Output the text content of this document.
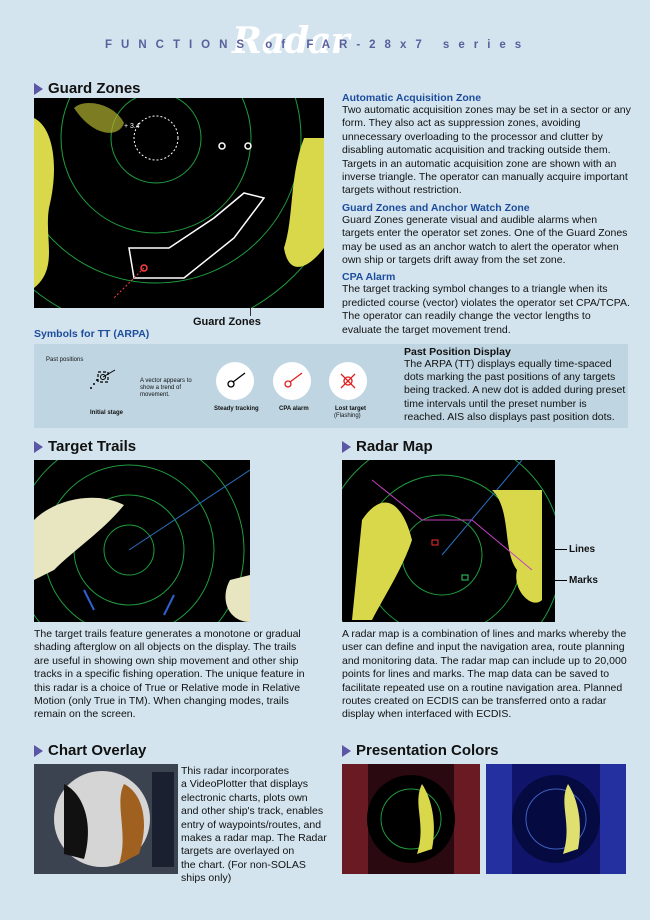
Radar
FUNCTIONS of FAR-28x7 series
Guard Zones
+ 3.4
Guard Zones
Automatic Acquisition Zone
Two automatic acquisition zones may be set in a sector or any form. They also act as suppression zones, avoiding unnecessary overloading to the processor and clutter by disabling automatic acquisition and tracking outside them. Targets in an automatic acquisition zone are shown with an inverse triangle. The operator can manually acquire important targets without restriction.
Guard Zones and Anchor Watch Zone
Guard Zones generate visual and audible alarms when targets enter the operator set zones. One of the Guard Zones may be used as an anchor watch to alert the operator when own ship or targets drift away from the set zone.
CPA Alarm
The target tracking symbol changes to a triangle when its predicted course (vector) violates the operator set CPA/TCPA. The operator can readily change the vector lengths to evaluate the target movement trend.
Symbols for TT (ARPA)
Past positions
A vector appears to show a trend of movement.
Initial stage
Steady tracking	CPA alarm	Lost target
(Flashing)
Past Position Display
The ARPA (TT) displays equally time-spaced dots marking the past positions of any targets being tracked. A new dot is added during preset time intervals until the preset number is reached. AIS also displays past position dots.
Target Trails
The target trails feature generates a monotone or gradual shading afterglow on all objects on the display. The trails are useful in showing own ship movement and other ship tracks in a specific fishing operation. The unique feature in this radar is a choice of True or Relative mode in Relative Motion (only True in TM). When changing modes, trails remain on the screen.
Radar Map
Lines
Marks
A radar map is a combination of lines and marks whereby the user can define and input the navigation area, route planning and monitoring data. The radar map can include up to 20,000 points for lines and marks. The map data can be saved to facilitate repeated use on a routine navigation area. Planned routes created on ECDIS can be transferred onto a radar display when interfaced with ECDIS.
Chart Overlay
This radar incorporates
a VideoPlotter that displays
electronic charts, plots own
and other ship's track, enables
entry of waypoints/routes, and
makes a radar map. The Radar
targets are overlayed on
the chart. (For non-SOLAS
ships only)
Presentation Colors
